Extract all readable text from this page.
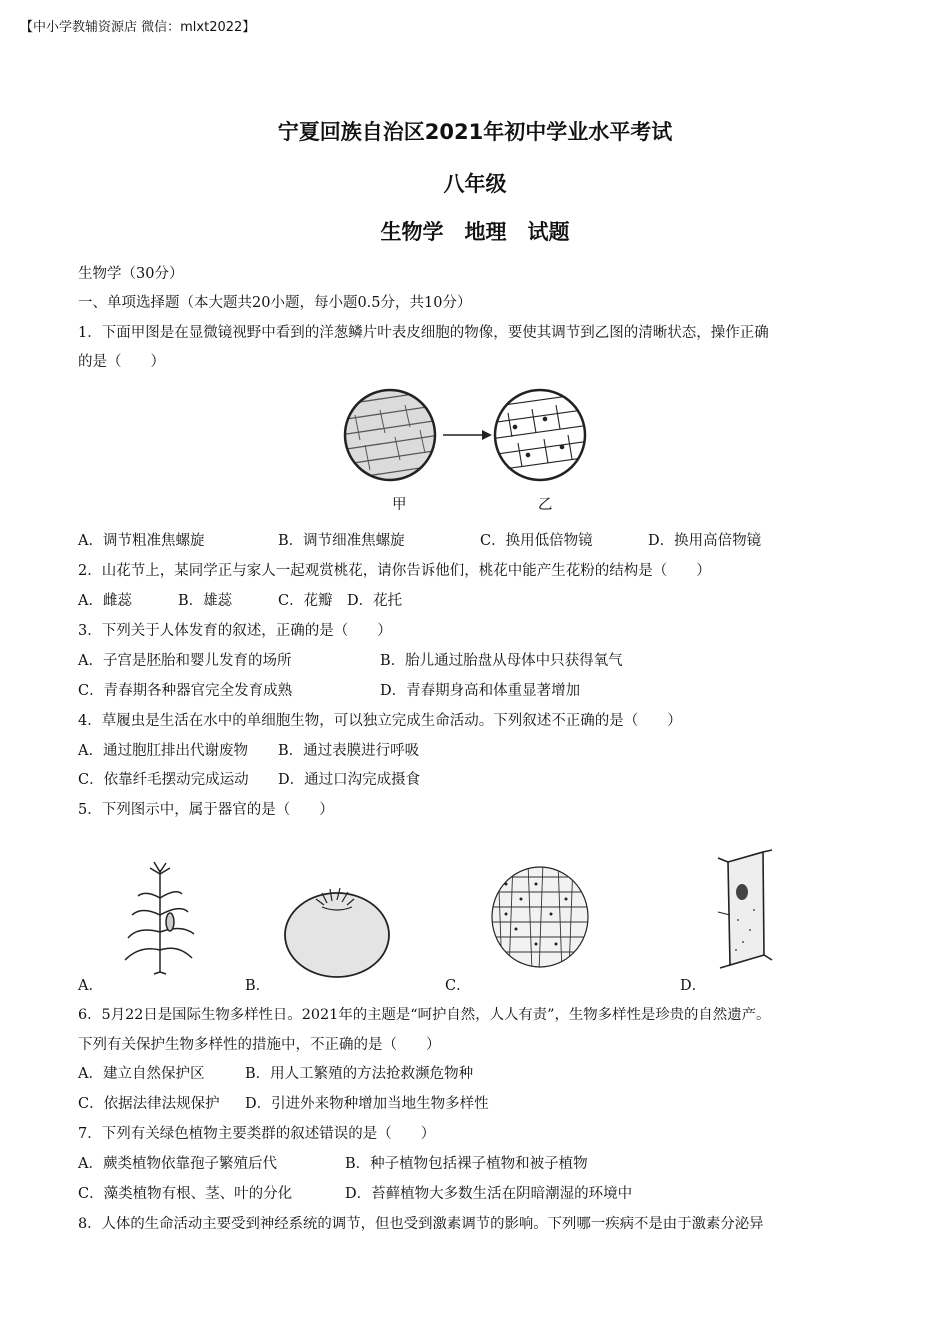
【中小学教辅资源店 微信：mlxt2022】
宁夏回族自治区2021年初中学业水平考试
八年级
生物学　地理　试题
生物学（30分）
一、单项选择题（本大题共20小题，每小题0.5分，共10分）
1．下面甲图是在显微镜视野中看到的洋葱鳞片叶表皮细胞的物像，要使其调节到乙图的清晰状态，操作正确
的是（　　）
甲	乙
A．调节粗准焦螺旋	B．调节细准焦螺旋	C．换用低倍物镜	D．换用高倍物镜
2．山花节上，某同学正与家人一起观赏桃花，请你告诉他们，桃花中能产生花粉的结构是（　　）
A．雌蕊	B．雄蕊	C．花瓣 D．花托
3．下列关于人体发育的叙述，正确的是（　　）
A．子宫是胚胎和婴儿发育的场所	B．胎儿通过胎盘从母体中只获得氧气
C．青春期各种器官完全发育成熟	D．青春期身高和体重显著增加
4．草履虫是生活在水中的单细胞生物，可以独立完成生命活动。下列叙述不正确的是（　　）
A．通过胞肛排出代谢废物 B．通过表膜进行呼吸
C．依靠纤毛摆动完成运动 D．通过口沟完成摄食
5．下列图示中，属于器官的是（　　）
A．	B．	C．	D．
6．5月22日是国际生物多样性日。2021年的主题是“呵护自然，人人有责”，生物多样性是珍贵的自然遗产。
下列有关保护生物多样性的措施中，不正确的是（　　）
A．建立自然保护区	B．用人工繁殖的方法抢救濒危物种
C．依据法律法规保护 D．引进外来物种增加当地生物多样性
7．下列有关绿色植物主要类群的叙述错误的是（　　）
A．蕨类植物依靠孢子繁殖后代	B．种子植物包括裸子植物和被子植物
C．藻类植物有根、茎、叶的分化	D．苔藓植物大多数生活在阴暗潮湿的环境中
8．人体的生命活动主要受到神经系统的调节，但也受到激素调节的影响。下列哪一疾病不是由于激素分泌异
